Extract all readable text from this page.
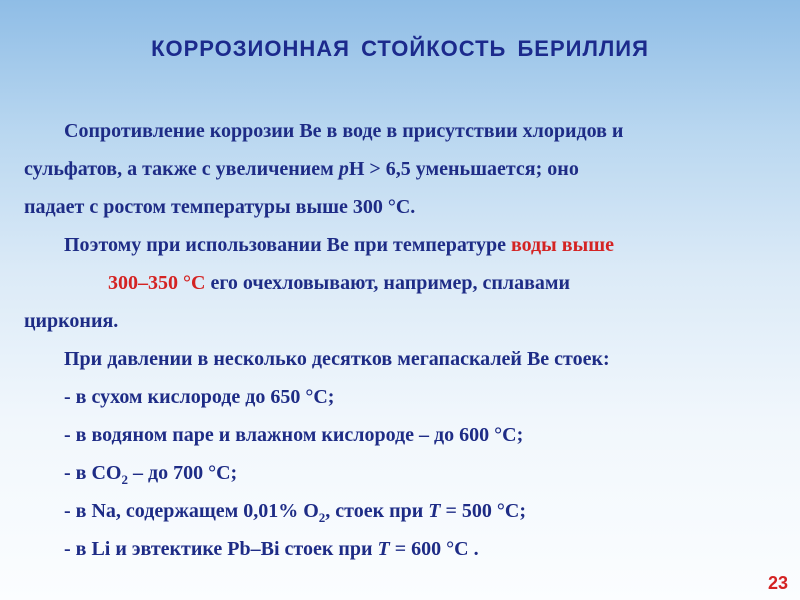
КОРРОЗИОННАЯ СТОЙКОСТЬ БЕРИЛЛИЯ
Сопротивление коррозии Be в воде в присутствии хлоридов и
сульфатов, а также с увеличением pH > 6,5 уменьшается; оно
падает с ростом температуры выше 300 °С.
Поэтому при использовании Be при температуре воды выше
300–350 °С его очехловывают, например, сплавами
циркония.
При давлении в несколько десятков мегапаскалей Be стоек:
- в сухом кислороде до 650 °С;
- в водяном паре и влажном кислороде – до 600 °С;
- в $CO_2$ – до 700 °С;
- в Na, содержащем 0,01% $O_2$, стоек при T = 500 °С;
- в Li и эвтектике Pb–Bi стоек при T = 600 °С .
23
